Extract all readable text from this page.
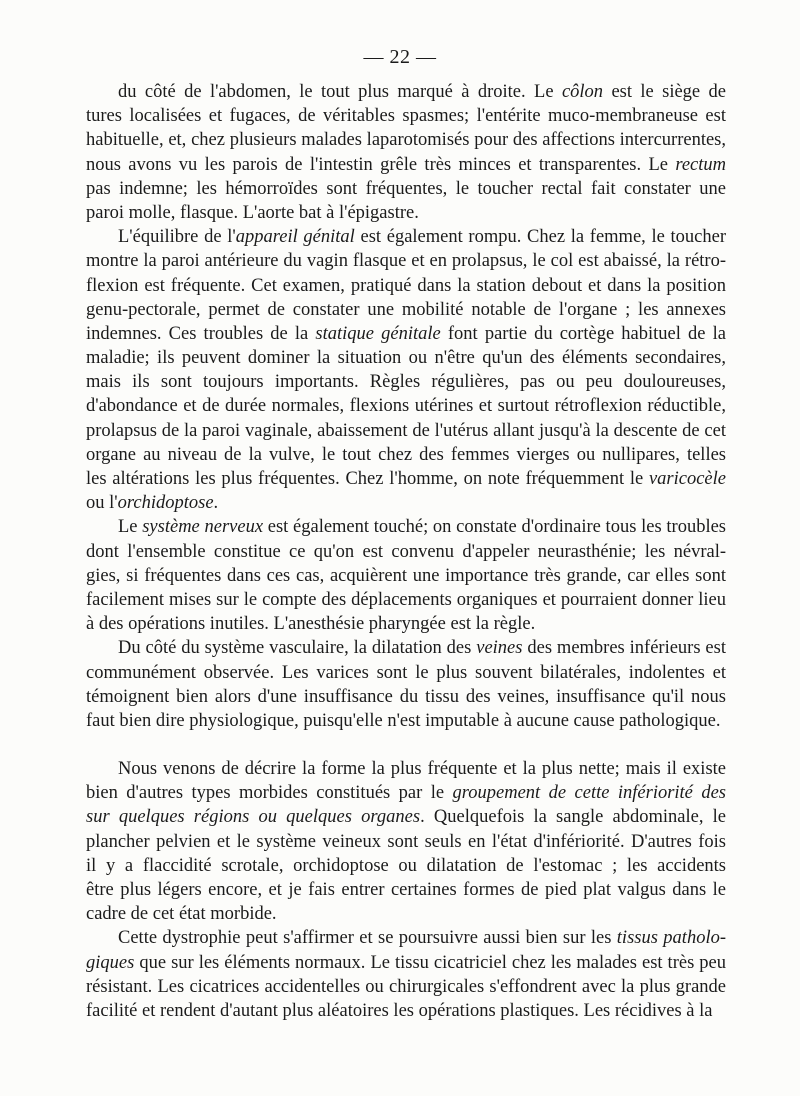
— 22 —

du côté de l'abdomen, le tout plus marqué à droite. Le côlon est le siège de
tures localisées et fugaces, de véritables spasmes; l'entérite muco-membraneuse est
habituelle, et, chez plusieurs malades laparotomisés pour des affections intercurrentes,
nous avons vu les parois de l'intestin grêle très minces et transparentes. Le rectum
pas indemne; les hémorroïdes sont fréquentes, le toucher rectal fait constater une
paroi molle, flasque. L'aorte bat à l'épigastre.

L'équilibre de l'appareil génital est également rompu. Chez la femme, le toucher
montre la paroi antérieure du vagin flasque et en prolapsus, le col est abaissé, la rétro-
flexion est fréquente. Cet examen, pratiqué dans la station debout et dans la position
genu-pectorale, permet de constater une mobilité notable de l'organe ; les annexes
indemnes. Ces troubles de la statique génitale font partie du cortège habituel de la
maladie; ils peuvent dominer la situation ou n'être qu'un des éléments secondaires,
mais ils sont toujours importants. Règles régulières, pas ou peu douloureuses,
d'abondance et de durée normales, flexions utérines et surtout rétroflexion réductible,
prolapsus de la paroi vaginale, abaissement de l'utérus allant jusqu'à la descente de cet
organe au niveau de la vulve, le tout chez des femmes vierges ou nullipares, telles
les altérations les plus fréquentes. Chez l'homme, on note fréquemment le varicocèle
ou l'orchidoptose.

Le système nerveux est également touché; on constate d'ordinaire tous les troubles
dont l'ensemble constitue ce qu'on est convenu d'appeler neurasthénie; les névral-
gies, si fréquentes dans ces cas, acquièrent une importance très grande, car elles sont
facilement mises sur le compte des déplacements organiques et pourraient donner lieu
à des opérations inutiles. L'anesthésie pharyngée est la règle.

Du côté du système vasculaire, la dilatation des veines des membres inférieurs est
communément observée. Les varices sont le plus souvent bilatérales, indolentes et
témoignent bien alors d'une insuffisance du tissu des veines, insuffisance qu'il nous
faut bien dire physiologique, puisqu'elle n'est imputable à aucune cause pathologique.

Nous venons de décrire la forme la plus fréquente et la plus nette; mais il existe
bien d'autres types morbides constitués par le groupement de cette infériorité des
sur quelques régions ou quelques organes. Quelquefois la sangle abdominale, le
plancher pelvien et le système veineux sont seuls en l'état d'infériorité. D'autres fois
il y a flaccidité scrotale, orchidoptose ou dilatation de l'estomac ; les accidents
être plus légers encore, et je fais entrer certaines formes de pied plat valgus dans le
cadre de cet état morbide.

Cette dystrophie peut s'affirmer et se poursuivre aussi bien sur les tissus patholo-
giques que sur les éléments normaux. Le tissu cicatriciel chez les malades est très peu
résistant. Les cicatrices accidentelles ou chirurgicales s'effondrent avec la plus grande
facilité et rendent d'autant plus aléatoires les opérations plastiques. Les récidives à la
